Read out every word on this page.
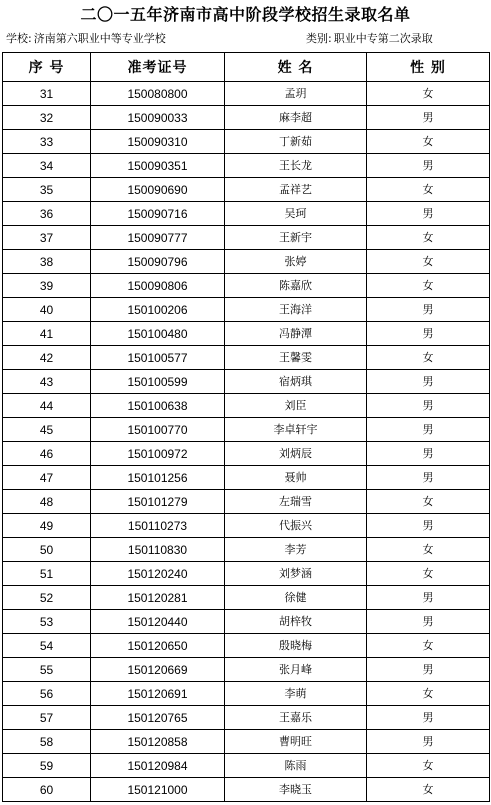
二〇一五年济南市高中阶段学校招生录取名单
学校: 济南第六职业中等专业学校	类别: 职业中专第二次录取
序 号	准考证号	姓 名	性 别
31	150080800	孟玥	女
32	150090033	麻李超	男
33	150090310	丁新茹	女
34	150090351	王长龙	男
35	150090690	孟祥艺	女
36	150090716	吴珂	男
37	150090777	王新宇	女
38	150090796	张婷	女
39	150090806	陈嘉欣	女
40	150100206	王海洋	男
41	150100480	冯静潭	男
42	150100577	王馨雯	女
43	150100599	宿炳琪	男
44	150100638	刘臣	男
45	150100770	李卓轩宇	男
46	150100972	刘炳辰	男
47	150101256	聂帅	男
48	150101279	左瑞雪	女
49	150110273	代振兴	男
50	150110830	李芳	女
51	150120240	刘梦涵	女
52	150120281	徐健	男
53	150120440	胡梓牧	男
54	150120650	殷晓梅	女
55	150120669	张月峰	男
56	150120691	李萌	女
57	150120765	王嘉乐	男
58	150120858	曹明旺	男
59	150120984	陈雨	女
60	150121000	李晓玉	女
